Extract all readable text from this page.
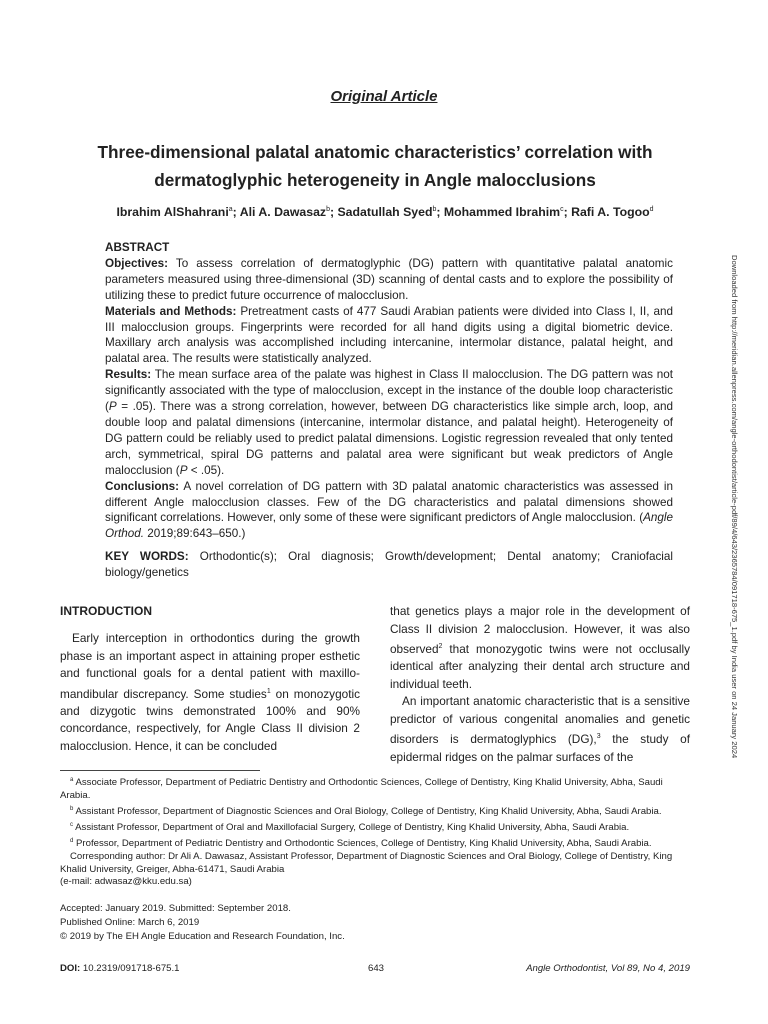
Original Article
Three-dimensional palatal anatomic characteristics’ correlation with
dermatoglyphic heterogeneity in Angle malocclusions
Ibrahim AlShahrani$^a$; Ali A. Dawasaz$^b$; Sadatullah Syed$^b$; Mohammed Ibrahim$^c$; Rafi A. Togoo$^d$

ABSTRACT

Objectives: To assess correlation of dermatoglyphic (DG) pattern with quantitative palatal anatomic parameters measured using three-dimensional (3D) scanning of dental casts and to explore the possibility of utilizing these to predict future occurrence of malocclusion.

Materials and Methods: Pretreatment casts of 477 Saudi Arabian patients were divided into Class I, II, and III malocclusion groups. Fingerprints were recorded for all hand digits using a digital biometric device. Maxillary arch analysis was accomplished including intercanine, intermolar distance, palatal height, and palatal area. The results were statistically analyzed.

Results: The mean surface area of the palate was highest in Class II malocclusion. The DG pattern was not significantly associated with the type of malocclusion, except in the instance of the double loop characteristic (P = .05). There was a strong correlation, however, between DG characteristics like simple arch, loop, and double loop and palatal dimensions (intercanine, intermolar distance, and palatal height). Heterogeneity of DG pattern could be reliably used to predict palatal dimensions. Logistic regression revealed that only tented arch, symmetrical, spiral DG patterns and palatal area were significant but weak predictors of Angle malocclusion (P < .05).

Conclusions: A novel correlation of DG pattern with 3D palatal anatomic characteristics was assessed in different Angle malocclusion classes. Few of the DG characteristics and palatal dimensions showed significant correlations. However, only some of these were significant predictors of Angle malocclusion. (Angle Orthod. 2019;89:643–650.)

KEY WORDS: Orthodontic(s); Oral diagnosis; Growth/development; Dental anatomy; Craniofacial biology/genetics

INTRODUCTION

Early interception in orthodontics during the growth phase is an important aspect in attaining proper esthetic and functional goals for a dental patient with maxillo-mandibular discrepancy. Some studies$^1$ on monozygotic and dizygotic twins demonstrated 100% and 90% concordance, respectively, for Angle Class II division 2 malocclusion. Hence, it can be concluded

that genetics plays a major role in the development of Class II division 2 malocclusion. However, it was also observed$^2$ that monozygotic twins were not occlusally identical after analyzing their dental arch structure and individual teeth.

An important anatomic characteristic that is a sensitive predictor of various congenital anomalies and genetic disorders is dermatoglyphics (DG),$^3$ the study of epidermal ridges on the palmar surfaces of the

$^a$ Associate Professor, Department of Pediatric Dentistry and Orthodontic Sciences, College of Dentistry, King Khalid University, Abha, Saudi Arabia.

$^b$ Assistant Professor, Department of Diagnostic Sciences and Oral Biology, College of Dentistry, King Khalid University, Abha, Saudi Arabia.

$^c$ Assistant Professor, Department of Oral and Maxillofacial Surgery, College of Dentistry, King Khalid University, Abha, Saudi Arabia.

$^d$ Professor, Department of Pediatric Dentistry and Orthodontic Sciences, College of Dentistry, King Khalid University, Abha, Saudi Arabia.

Corresponding author: Dr Ali A. Dawasaz, Assistant Professor, Department of Diagnostic Sciences and Oral Biology, College of Dentistry, King Khalid University, Greiger, Abha-61471, Saudi Arabia

(e-mail: adwasaz@kku.edu.sa)

Accepted: January 2019. Submitted: September 2018.

Published Online: March 6, 2019

© 2019 by The EH Angle Education and Research Foundation, Inc.

DOI: 10.2319/091718-675.1	643	Angle Orthodontist, Vol 89, No 4, 2019
Downloaded from http://meridian.allenpress.com/angle-orthodontist/article-pdf/89/4/643/2365784/091718-675_1.pdf by India user on 24 January 2024
